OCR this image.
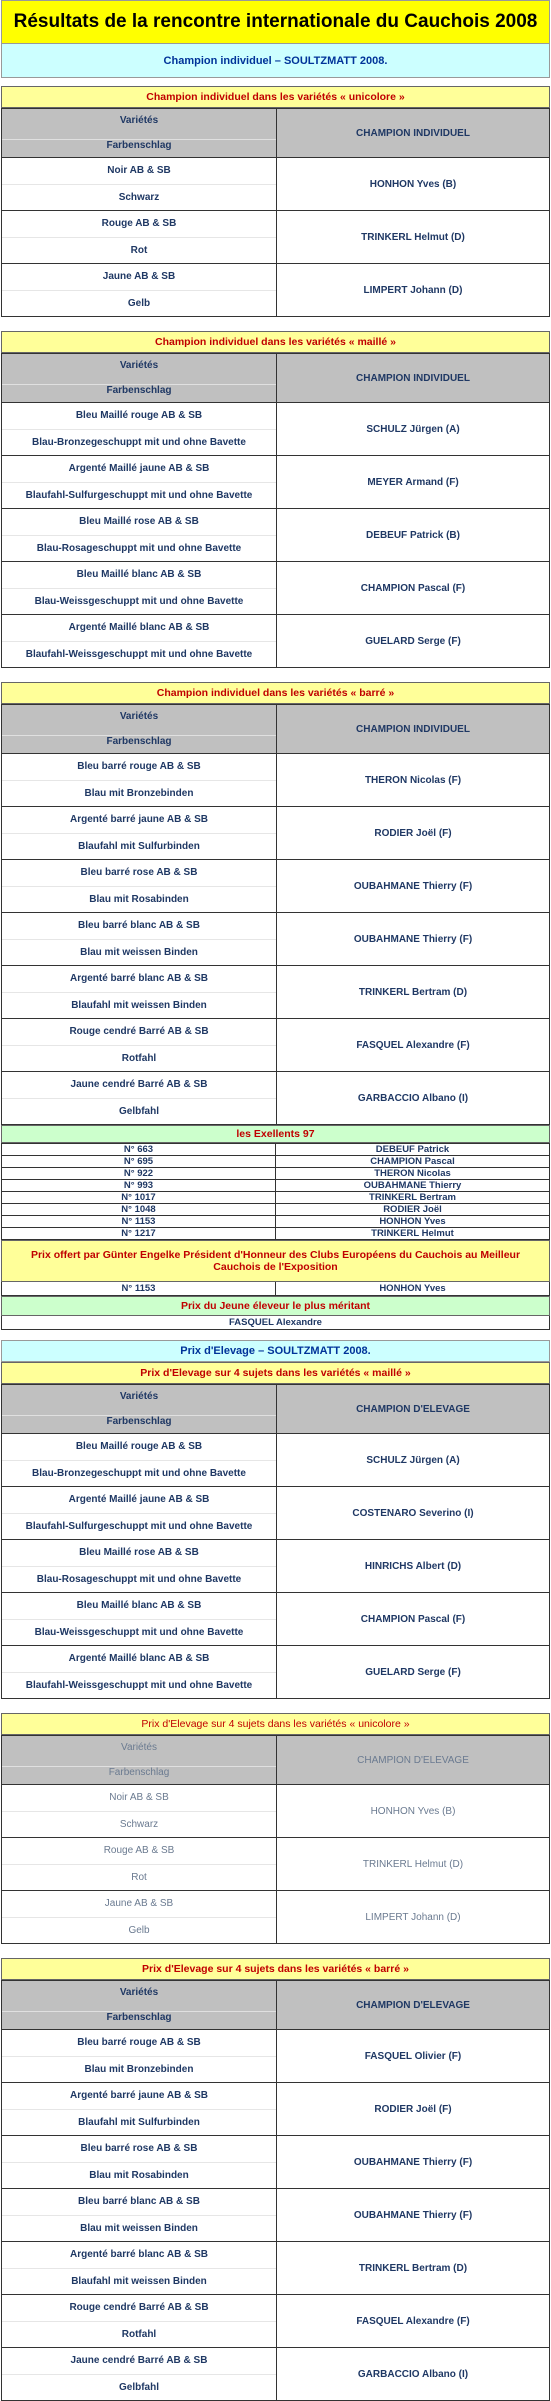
Résultats de la rencontre internationale du Cauchois 2008
Champion individuel – SOULTZMATT 2008.
Champion individuel dans les variétés « unicolore »
Variétés
Farbenschlag	CHAMPION INDIVIDUEL

Noir AB & SB
Schwarz	HONHON Yves (B)

Rouge AB & SB
Rot	TRINKERL Helmut (D)

Jaune AB & SB
Gelb	LIMPERT Johann (D)
Champion individuel dans les variétés « maillé »
Variétés
Farbenschlag	CHAMPION INDIVIDUEL

Bleu Maillé rouge AB & SB
Blau-Bronzegeschuppt mit und ohne Bavette	SCHULZ Jürgen (A)

Argenté Maillé jaune AB & SB
Blaufahl-Sulfurgeschuppt mit und ohne Bavette	MEYER Armand (F)

Bleu Maillé rose AB & SB
Blau-Rosageschuppt mit und ohne Bavette	DEBEUF Patrick (B)

Bleu Maillé blanc AB & SB
Blau-Weissgeschuppt mit und ohne Bavette	CHAMPION Pascal (F)

Argenté Maillé blanc AB & SB
Blaufahl-Weissgeschuppt mit und ohne Bavette	GUELARD Serge (F)
Champion individuel dans les variétés « barré »
Variétés
Farbenschlag	CHAMPION INDIVIDUEL

Bleu barré rouge AB & SB
Blau mit Bronzebinden	THERON Nicolas (F)

Argenté barré jaune AB & SB
Blaufahl mit Sulfurbinden	RODIER Joël (F)

Bleu barré rose AB & SB
Blau mit Rosabinden	OUBAHMANE Thierry (F)

Bleu barré blanc AB & SB
Blau mit weissen Binden	OUBAHMANE Thierry (F)

Argenté barré blanc AB & SB
Blaufahl mit weissen Binden	TRINKERL Bertram (D)

Rouge cendré Barré AB & SB
Rotfahl	FASQUEL Alexandre (F)

Jaune cendré Barré AB & SB
Gelbfahl	GARBACCIO Albano (I)
les Exellents 97
N° 663	DEBEUF Patrick
N° 695	CHAMPION Pascal
N° 922	THERON Nicolas
N° 993	OUBAHMANE Thierry
N° 1017	TRINKERL Bertram
N° 1048	RODIER Joël
N° 1153	HONHON Yves
N° 1217	TRINKERL Helmut
Prix offert par Günter Engelke Président d'Honneur des Clubs Européens du Cauchois au Meilleur Cauchois de l'Exposition
N° 1153	HONHON Yves
Prix du Jeune éleveur le plus méritant
FASQUEL Alexandre
Prix d'Elevage – SOULTZMATT 2008.
Prix d'Elevage sur 4 sujets dans les variétés « maillé »
Variétés
Farbenschlag	CHAMPION D'ELEVAGE

Bleu Maillé rouge AB & SB
Blau-Bronzegeschuppt mit und ohne Bavette	SCHULZ Jürgen (A)

Argenté Maillé jaune AB & SB
Blaufahl-Sulfurgeschuppt mit und ohne Bavette	COSTENARO Severino (I)

Bleu Maillé rose AB & SB
Blau-Rosageschuppt mit und ohne Bavette	HINRICHS Albert (D)

Bleu Maillé blanc AB & SB
Blau-Weissgeschuppt mit und ohne Bavette	CHAMPION Pascal (F)

Argenté Maillé blanc AB & SB
Blaufahl-Weissgeschuppt mit und ohne Bavette	GUELARD Serge (F)
Prix d'Elevage sur 4 sujets dans les variétés « unicolore »
Variétés
Farbenschlag	CHAMPION D'ELEVAGE

Noir AB & SB
Schwarz	HONHON Yves (B)

Rouge AB & SB
Rot	TRINKERL Helmut (D)

Jaune AB & SB
Gelb	LIMPERT Johann (D)
Prix d'Elevage sur 4 sujets dans les variétés « barré »
Variétés
Farbenschlag	CHAMPION D'ELEVAGE

Bleu barré rouge AB & SB
Blau mit Bronzebinden	FASQUEL Olivier (F)

Argenté barré jaune AB & SB
Blaufahl mit Sulfurbinden	RODIER Joël (F)

Bleu barré rose AB & SB
Blau mit Rosabinden	OUBAHMANE Thierry (F)

Bleu barré blanc AB & SB
Blau mit weissen Binden	OUBAHMANE Thierry (F)

Argenté barré blanc AB & SB
Blaufahl mit weissen Binden	TRINKERL Bertram (D)

Rouge cendré Barré AB & SB
Rotfahl	FASQUEL Alexandre (F)

Jaune cendré Barré AB & SB
Gelbfahl	GARBACCIO Albano (I)
